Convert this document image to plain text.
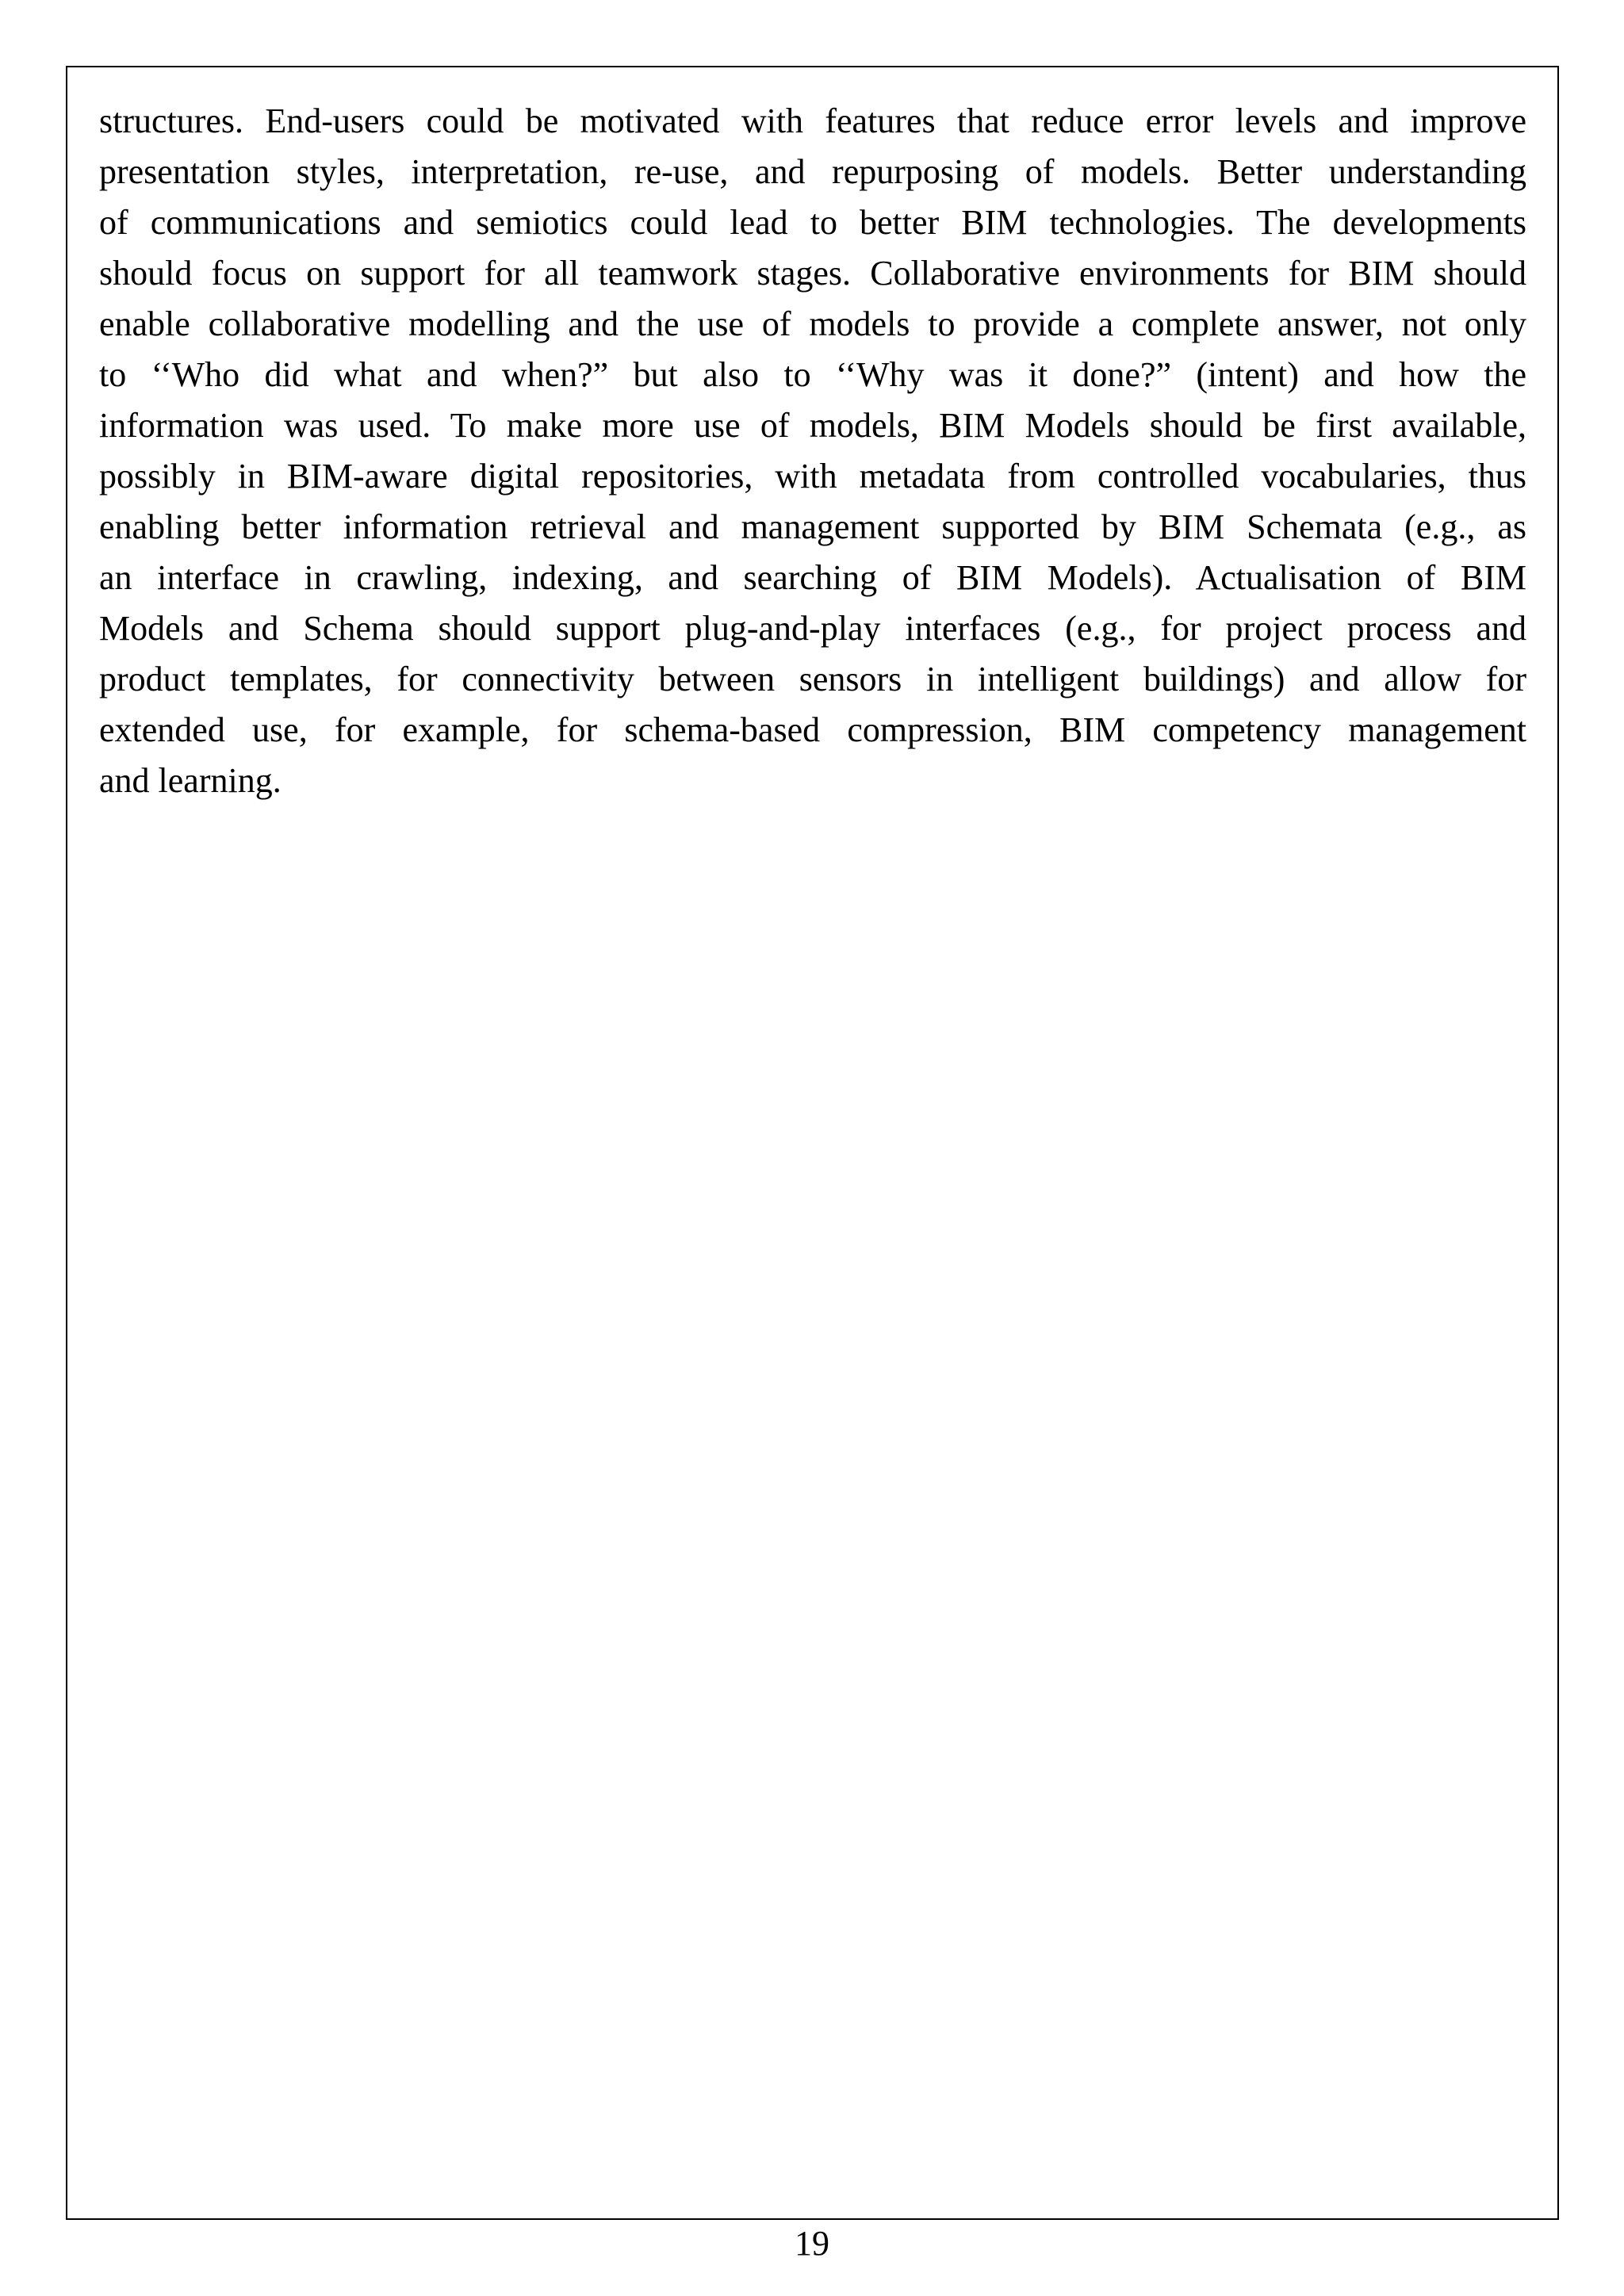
structures. End-users could be motivated with features that reduce error levels and improve
presentation styles, interpretation, re-use, and repurposing of models. Better understanding
of communications and semiotics could lead to better BIM technologies. The developments
should focus on support for all teamwork stages. Collaborative environments for BIM should
enable collaborative modelling and the use of models to provide a complete answer, not only
to ‘‘Who did what and when?” but also to ‘‘Why was it done?” (intent) and how the
information was used. To make more use of models, BIM Models should be first available,
possibly in BIM-aware digital repositories, with metadata from controlled vocabularies, thus
enabling better information retrieval and management supported by BIM Schemata (e.g., as
an interface in crawling, indexing, and searching of BIM Models). Actualisation of BIM
Models and Schema should support plug-and-play interfaces (e.g., for project process and
product templates, for connectivity between sensors in intelligent buildings) and allow for
extended use, for example, for schema-based compression, BIM competency management
and learning.
19
